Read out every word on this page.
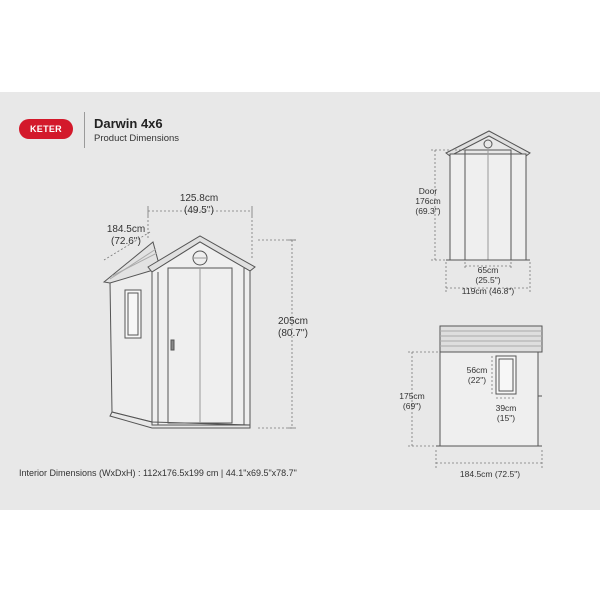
KETER	Darwin 4x6
Product Dimensions
125.8cm
(49.5'')
184.5cm
(72.6'')
205cm
(80.7'')
Door
176cm
(69.3")
65cm
(25.5")
119cm (46.8")
175cm
(69")
56cm
(22")
39cm
(15")
184.5cm (72.5")
Interior Dimensions (WxDxH) : 112x176.5x199 cm | 44.1"x69.5"x78.7"
